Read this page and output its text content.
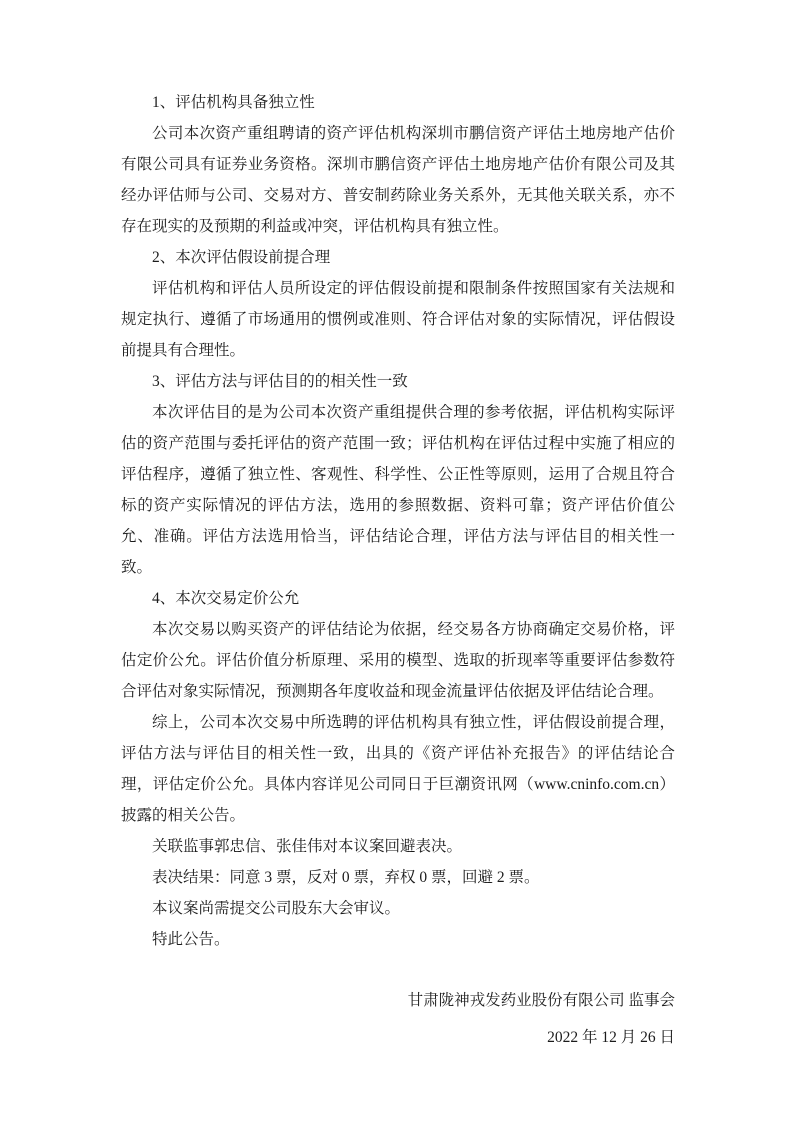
1、评估机构具备独立性

公司本次资产重组聘请的资产评估机构深圳市鹏信资产评估土地房地产估价有限公司具有证券业务资格。深圳市鹏信资产评估土地房地产估价有限公司及其经办评估师与公司、交易对方、普安制药除业务关系外，无其他关联关系，亦不存在现实的及预期的利益或冲突，评估机构具有独立性。

2、本次评估假设前提合理

评估机构和评估人员所设定的评估假设前提和限制条件按照国家有关法规和规定执行、遵循了市场通用的惯例或准则、符合评估对象的实际情况，评估假设前提具有合理性。

3、评估方法与评估目的的相关性一致

本次评估目的是为公司本次资产重组提供合理的参考依据，评估机构实际评估的资产范围与委托评估的资产范围一致；评估机构在评估过程中实施了相应的评估程序，遵循了独立性、客观性、科学性、公正性等原则，运用了合规且符合标的资产实际情况的评估方法，选用的参照数据、资料可靠；资产评估价值公允、准确。评估方法选用恰当，评估结论合理，评估方法与评估目的相关性一致。

4、本次交易定价公允

本次交易以购买资产的评估结论为依据，经交易各方协商确定交易价格，评估定价公允。评估价值分析原理、采用的模型、选取的折现率等重要评估参数符合评估对象实际情况，预测期各年度收益和现金流量评估依据及评估结论合理。

综上，公司本次交易中所选聘的评估机构具有独立性，评估假设前提合理，评估方法与评估目的相关性一致，出具的《资产评估补充报告》的评估结论合理，评估定价公允。具体内容详见公司同日于巨潮资讯网（www.cninfo.com.cn）披露的相关公告。

关联监事郭忠信、张佳伟对本议案回避表决。

表决结果：同意 3 票，反对 0 票，弃权 0 票，回避 2 票。

本议案尚需提交公司股东大会审议。

特此公告。

甘肃陇神戎发药业股份有限公司 监事会

2022 年 12 月 26 日
